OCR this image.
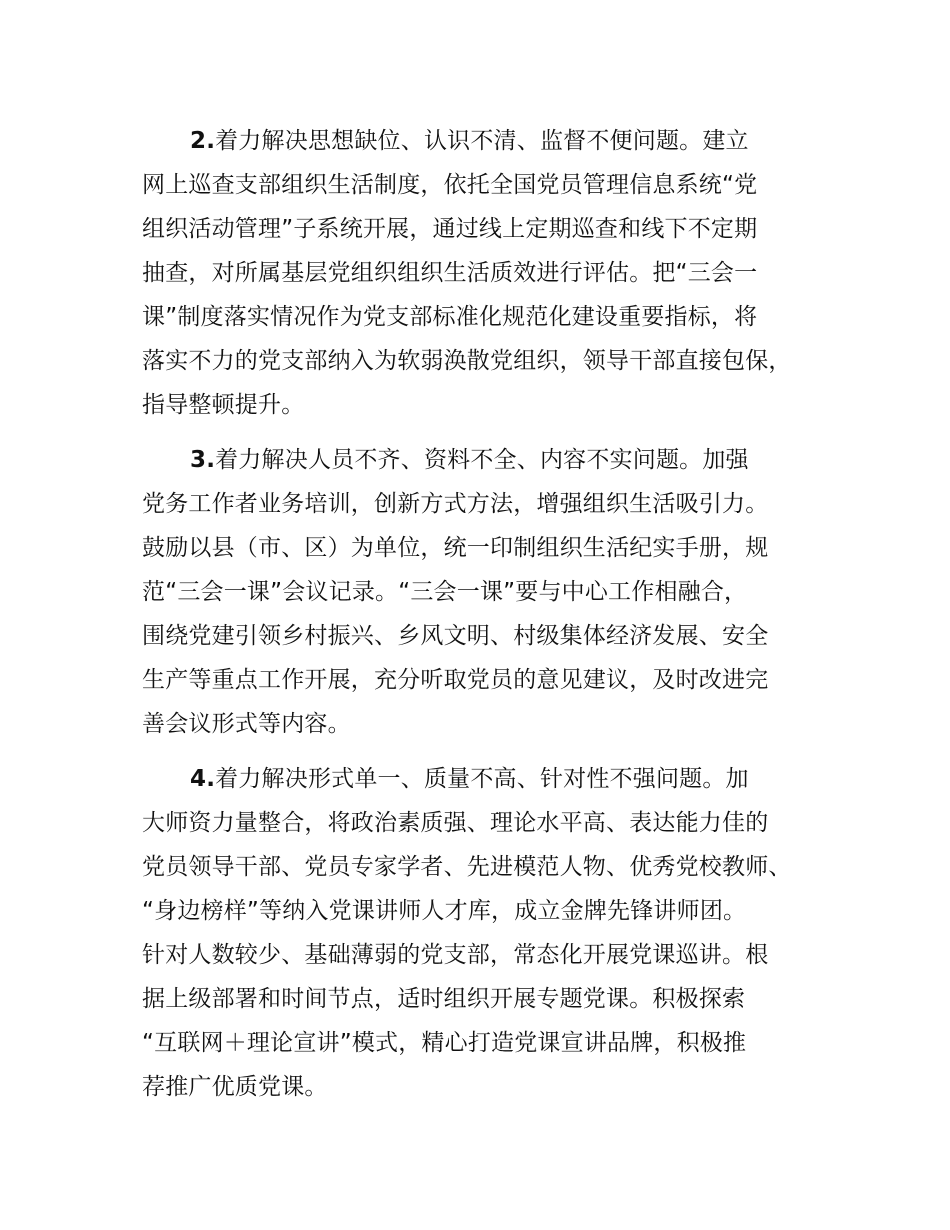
2.着力解决思想缺位、认识不清、监督不便问题。建立
网上巡查支部组织生活制度，依托全国党员管理信息系统“党
组织活动管理”子系统开展，通过线上定期巡查和线下不定期
抽查，对所属基层党组织组织生活质效进行评估。把“三会一
课”制度落实情况作为党支部标准化规范化建设重要指标，将
落实不力的党支部纳入为软弱涣散党组织，领导干部直接包保，
指导整顿提升。
3.着力解决人员不齐、资料不全、内容不实问题。加强
党务工作者业务培训，创新方式方法，增强组织生活吸引力。
鼓励以县（市、区）为单位，统一印制组织生活纪实手册，规
范“三会一课”会议记录。“三会一课”要与中心工作相融合，
围绕党建引领乡村振兴、乡风文明、村级集体经济发展、安全
生产等重点工作开展，充分听取党员的意见建议，及时改进完
善会议形式等内容。
4.着力解决形式单一、质量不高、针对性不强问题。加
大师资力量整合，将政治素质强、理论水平高、表达能力佳的
党员领导干部、党员专家学者、先进模范人物、优秀党校教师、
“身边榜样”等纳入党课讲师人才库，成立金牌先锋讲师团。
针对人数较少、基础薄弱的党支部，常态化开展党课巡讲。根
据上级部署和时间节点，适时组织开展专题党课。积极探索
“互联网＋理论宣讲”模式，精心打造党课宣讲品牌，积极推
荐推广优质党课。
